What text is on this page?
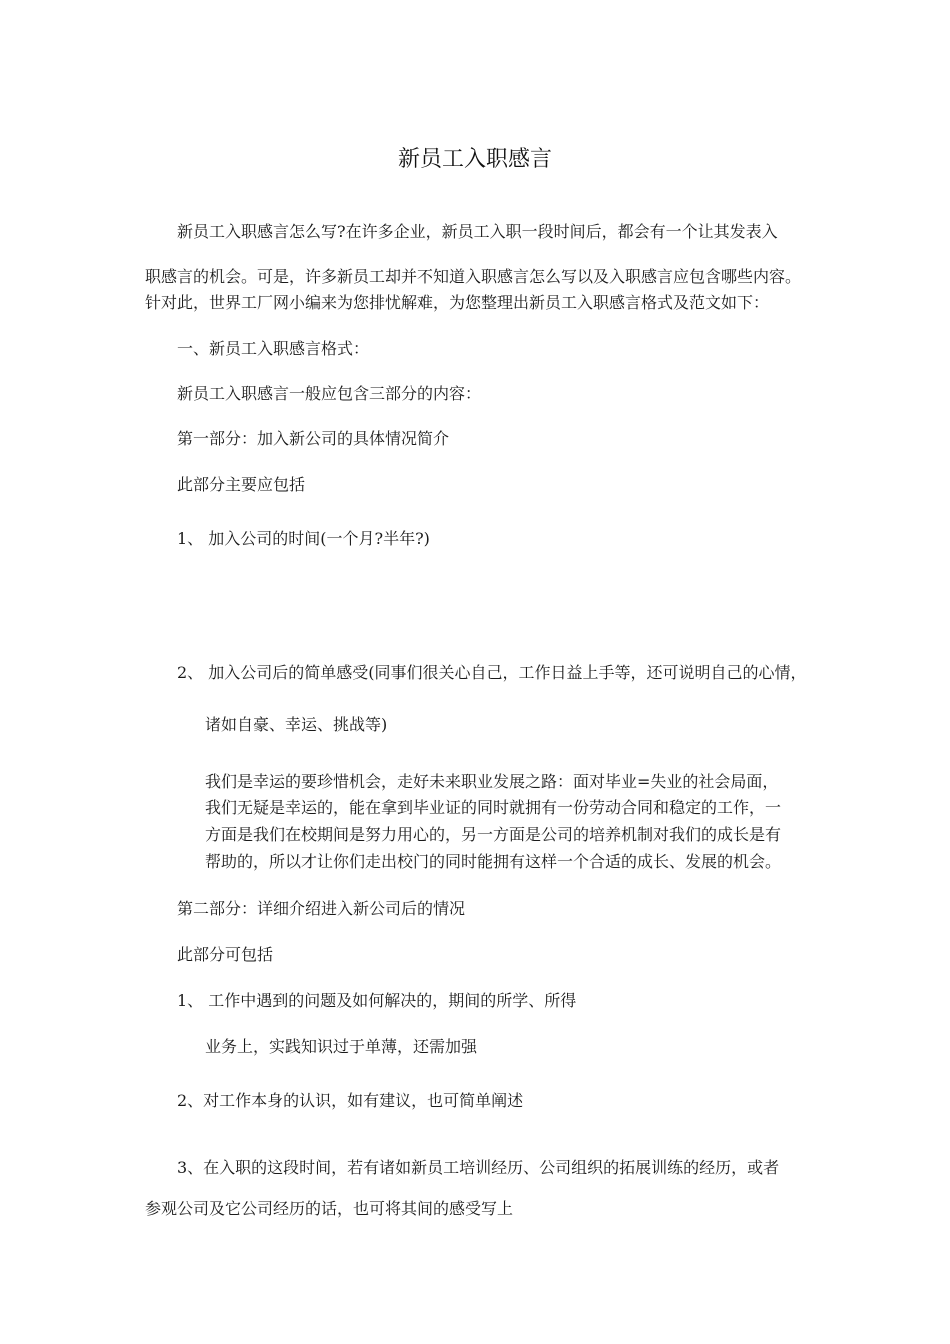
新员工入职感言
新员工入职感言怎么写?在许多企业，新员工入职一段时间后，都会有一个让其发表入
职感言的机会。可是，许多新员工却并不知道入职感言怎么写以及入职感言应包含哪些内容。
针对此，世界工厂网小编来为您排忧解难，为您整理出新员工入职感言格式及范文如下：
一、新员工入职感言格式：
新员工入职感言一般应包含三部分的内容：
第一部分：加入新公司的具体情况简介
此部分主要应包括
1、 加入公司的时间(一个月?半年?)
2、 加入公司后的简单感受(同事们很关心自己，工作日益上手等，还可说明自己的心情，
诸如自豪、幸运、挑战等)
我们是幸运的要珍惜机会，走好未来职业发展之路：面对毕业=失业的社会局面，
我们无疑是幸运的，能在拿到毕业证的同时就拥有一份劳动合同和稳定的工作，一
方面是我们在校期间是努力用心的，另一方面是公司的培养机制对我们的成长是有
帮助的，所以才让你们走出校门的同时能拥有这样一个合适的成长、发展的机会。
第二部分：详细介绍进入新公司后的情况
此部分可包括
1、 工作中遇到的问题及如何解决的，期间的所学、所得
业务上，实践知识过于单薄，还需加强
2、对工作本身的认识，如有建议，也可简单阐述
3、在入职的这段时间，若有诸如新员工培训经历、公司组织的拓展训练的经历，或者
参观公司及它公司经历的话，也可将其间的感受写上
